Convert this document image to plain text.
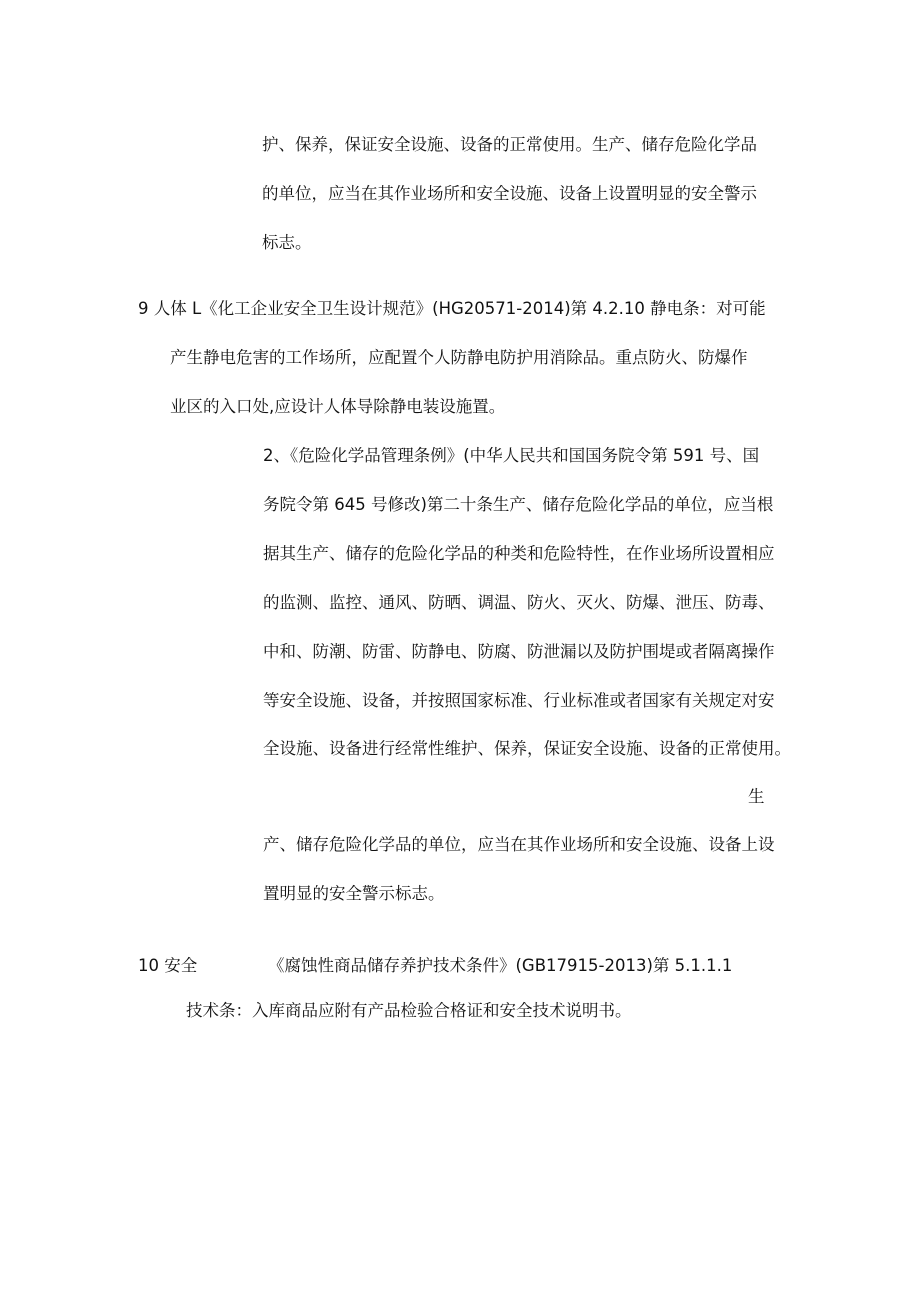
护、保养，保证安全设施、设备的正常使用。生产、储存危险化学品
的单位，应当在其作业场所和安全设施、设备上设置明显的安全警示
标志。
9 人体 L《化工企业安全卫生设计规范》(HG20571-2014)第 4.2.10 静电条：对可能
产生静电危害的工作场所，应配置个人防静电防护用消除品。重点防火、防爆作
业区的入口处,应设计人体导除静电装设施置。
2、《危险化学品管理条例》(中华人民共和国国务院令第 591 号、国
务院令第 645 号修改)第二十条生产、储存危险化学品的单位，应当根
据其生产、储存的危险化学品的种类和危险特性，在作业场所设置相应
的监测、监控、通风、防晒、调温、防火、灭火、防爆、泄压、防毒、
中和、防潮、防雷、防静电、防腐、防泄漏以及防护围堤或者隔离操作
等安全设施、设备，并按照国家标准、行业标准或者国家有关规定对安
全设施、设备进行经常性维护、保养，保证安全设施、设备的正常使用。
生
产、储存危险化学品的单位，应当在其作业场所和安全设施、设备上设
置明显的安全警示标志。
10 安全	《腐蚀性商品储存养护技术条件》(GB17915-2013)第 5.1.1.1
技术条：入库商品应附有产品检验合格证和安全技术说明书。
